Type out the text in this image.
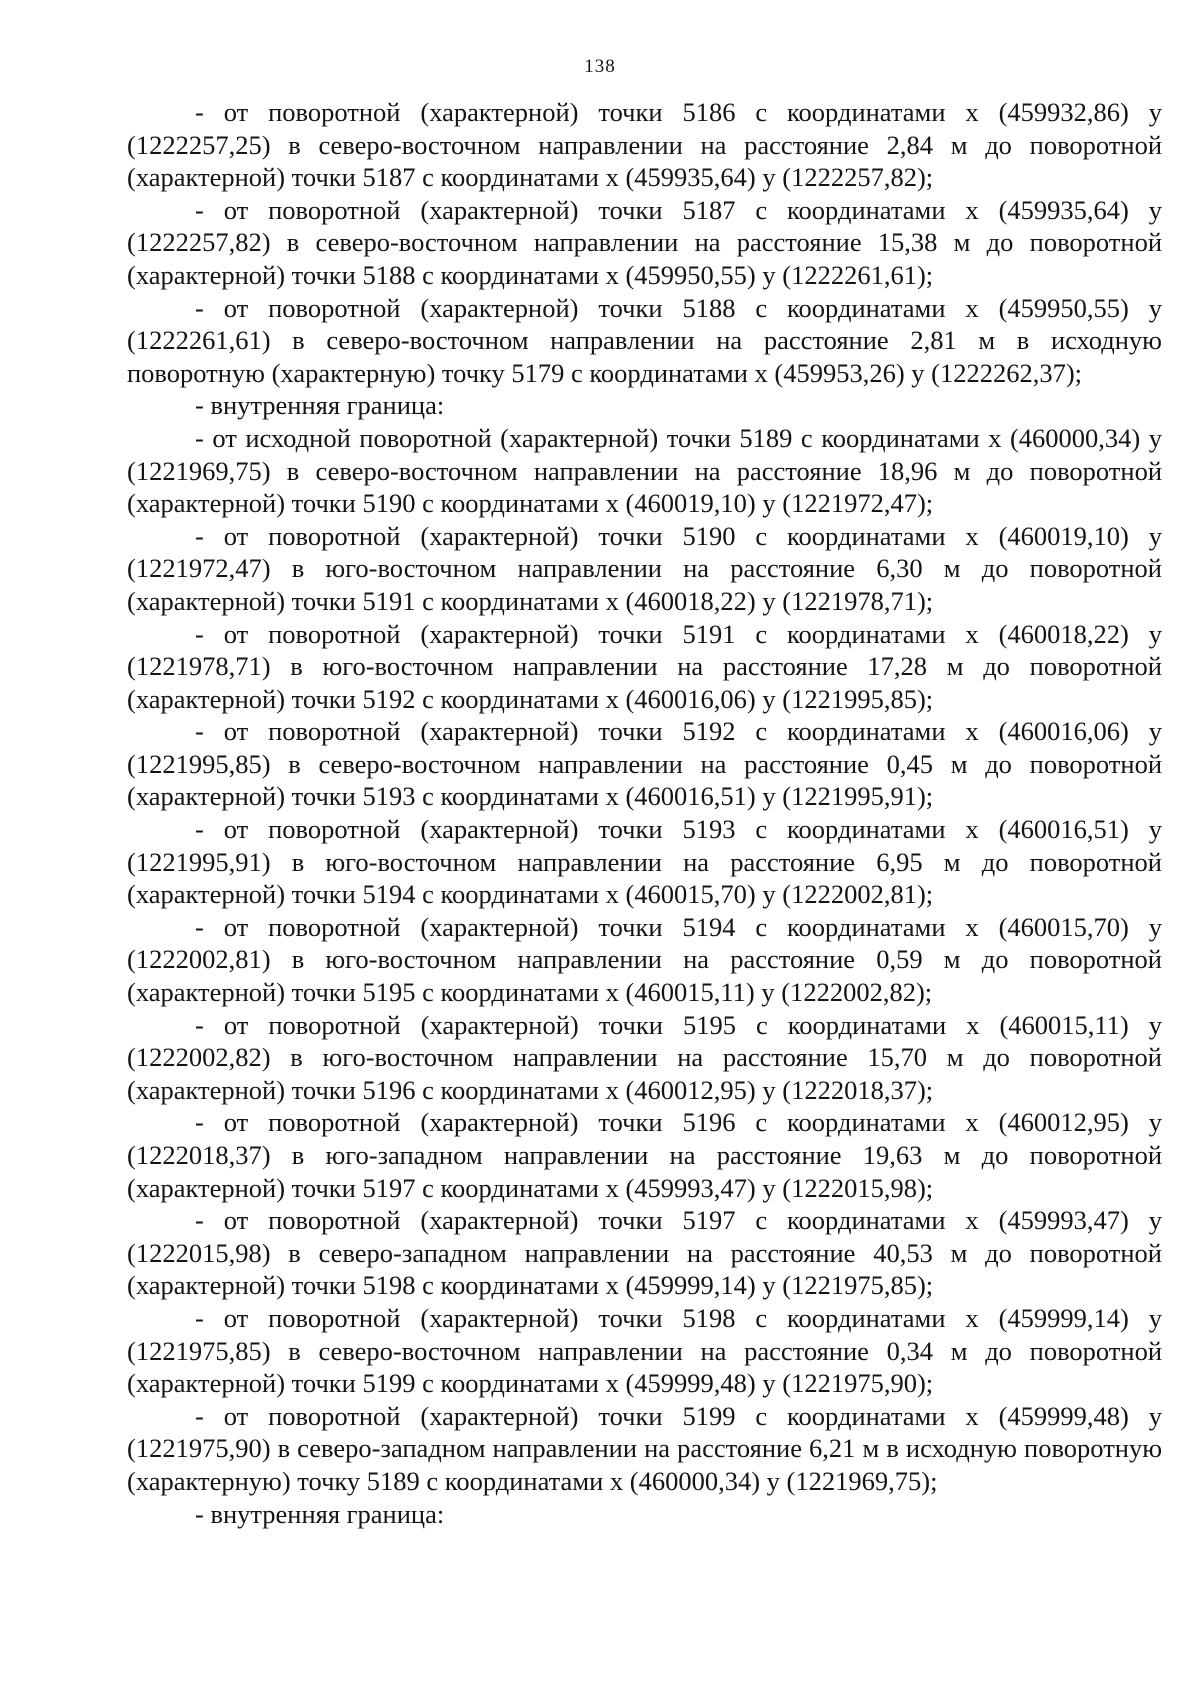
138

- от поворотной (характерной) точки 5186 с координатами x (459932,86) y (1222257,25) в северо-восточном направлении на расстояние 2,84 м до поворотной (характерной) точки 5187 с координатами x (459935,64) y (1222257,82);

- от поворотной (характерной) точки 5187 с координатами x (459935,64) y (1222257,82) в северо-восточном направлении на расстояние 15,38 м до поворотной (характерной) точки 5188 с координатами x (459950,55) y (1222261,61);

- от поворотной (характерной) точки 5188 с координатами x (459950,55) y (1222261,61) в северо-восточном направлении на расстояние 2,81 м в исходную поворотную (характерную) точку 5179 с координатами x (459953,26) y (1222262,37);

- внутренняя граница:

- от исходной поворотной (характерной) точки 5189 с координатами x (460000,34) y (1221969,75) в северо-восточном направлении на расстояние 18,96 м до поворотной (характерной) точки 5190 с координатами x (460019,10) y (1221972,47);

- от поворотной (характерной) точки 5190 с координатами x (460019,10) y (1221972,47) в юго-восточном направлении на расстояние 6,30 м до поворотной (характерной) точки 5191 с координатами x (460018,22) y (1221978,71);

- от поворотной (характерной) точки 5191 с координатами x (460018,22) y (1221978,71) в юго-восточном направлении на расстояние 17,28 м до поворотной (характерной) точки 5192 с координатами x (460016,06) y (1221995,85);

- от поворотной (характерной) точки 5192 с координатами x (460016,06) y (1221995,85) в северо-восточном направлении на расстояние 0,45 м до поворотной (характерной) точки 5193 с координатами x (460016,51) y (1221995,91);

- от поворотной (характерной) точки 5193 с координатами x (460016,51) y (1221995,91) в юго-восточном направлении на расстояние 6,95 м до поворотной (характерной) точки 5194 с координатами x (460015,70) y (1222002,81);

- от поворотной (характерной) точки 5194 с координатами x (460015,70) y (1222002,81) в юго-восточном направлении на расстояние 0,59 м до поворотной (характерной) точки 5195 с координатами x (460015,11) y (1222002,82);

- от поворотной (характерной) точки 5195 с координатами x (460015,11) y (1222002,82) в юго-восточном направлении на расстояние 15,70 м до поворотной (характерной) точки 5196 с координатами x (460012,95) y (1222018,37);

- от поворотной (характерной) точки 5196 с координатами x (460012,95) y (1222018,37) в юго-западном направлении на расстояние 19,63 м до поворотной (характерной) точки 5197 с координатами x (459993,47) y (1222015,98);

- от поворотной (характерной) точки 5197 с координатами x (459993,47) y (1222015,98) в северо-западном направлении на расстояние 40,53 м до поворотной (характерной) точки 5198 с координатами x (459999,14) y (1221975,85);

- от поворотной (характерной) точки 5198 с координатами x (459999,14) y (1221975,85) в северо-восточном направлении на расстояние 0,34 м до поворотной (характерной) точки 5199 с координатами x (459999,48) y (1221975,90);

- от поворотной (характерной) точки 5199 с координатами x (459999,48) y (1221975,90) в северо-западном направлении на расстояние 6,21 м в исходную поворотную (характерную) точку 5189 с координатами x (460000,34) y (1221969,75);

- внутренняя граница:
